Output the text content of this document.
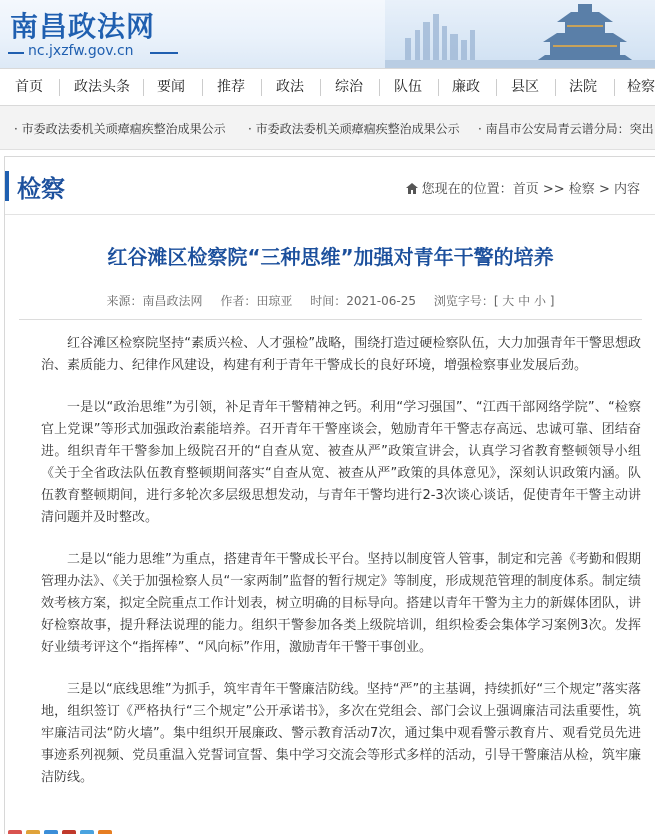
南昌政法网
nc.jxzfw.gov.cn
首页 政法头条 要闻 推荐 政法 综治 队伍 廉政 县区 法院 检察
· 市委政法委机关顽瘴痼疾整治成果公示 · 市委政法委机关顽瘴痼疾整治成果公示 · 南昌市公安局青云谱分局：突出
检察	您现在的位置：首页 >> 检察 > 内容
红谷滩区检察院“三种思维”加强对青年干警的培养
来源：南昌政法网 作者：田琼亚 时间：2021-06-25 浏览字号：[ 大 中 小 ]

红谷滩区检察院坚持“素质兴检、人才强检”战略，围绕打造过硬检察队伍，大力加强青年干警思想政治、素质能力、纪律作风建设，构建有利于青年干警成长的良好环境，增强检察事业发展后劲。

一是以“政治思维”为引领，补足青年干警精神之钙。利用“学习强国”、“江西干部网络学院”、“检察官上党课”等形式加强政治素能培养。召开青年干警座谈会，勉励青年干警志存高远、忠诚可靠、团结奋进。组织青年干警参加上级院召开的“自查从宽、被查从严”政策宣讲会，认真学习省教育整顿领导小组《关于全省政法队伍教育整顿期间落实“自查从宽、被查从严”政策的具体意见》，深刻认识政策内涵。队伍教育整顿期间，进行多轮次多层级思想发动，与青年干警均进行2-3次谈心谈话，促使青年干警主动讲清问题并及时整改。

二是以“能力思维”为重点，搭建青年干警成长平台。坚持以制度管人管事，制定和完善《考勤和假期管理办法》、《关于加强检察人员“一家两制”监督的暂行规定》等制度，形成规范管理的制度体系。制定绩效考核方案，拟定全院重点工作计划表，树立明确的目标导向。搭建以青年干警为主力的新媒体团队，讲好检察故事，提升释法说理的能力。组织干警参加各类上级院培训，组织检委会集体学习案例3次。发挥好业绩考评这个“指挥棒”、“风向标”作用，激励青年干警干事创业。

三是以“底线思维”为抓手，筑牢青年干警廉洁防线。坚持“严”的主基调，持续抓好“三个规定”落实落地，组织签订《严格执行“三个规定”公开承诺书》，多次在党组会、部门会议上强调廉洁司法重要性，筑牢廉洁司法“防火墙”。集中组织开展廉政、警示教育活动7次，通过集中观看警示教育片、观看党员先进事迹系列视频、党员重温入党誓词宣誓、集中学习交流会等形式多样的活动，引导干警廉洁从检，筑牢廉洁防线。
